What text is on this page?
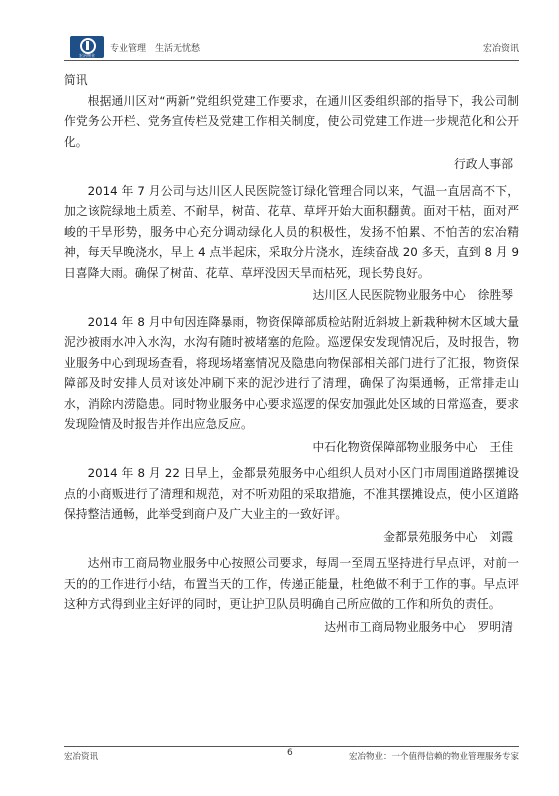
宏冶物业
专业管理　生活无忧愁	宏冶资讯

简讯

根据通川区对“两新”党组织党建工作要求，在通川区委组织部的指导下，我公司制作党务公开栏、党务宣传栏及党建工作相关制度，使公司党建工作进一步规范化和公开化。

行政人事部

2014 年 7 月公司与达川区人民医院签订绿化管理合同以来，气温一直居高不下，加之该院绿地土质差、不耐旱，树苗、花草、草坪开始大面积翻黄。面对干枯，面对严峻的干旱形势，服务中心充分调动绿化人员的积极性，发扬不怕累、不怕苦的宏冶精神，每天早晚浇水，早上 4 点半起床，采取分片浇水，连续奋战 20 多天，直到 8 月 9 日喜降大雨。确保了树苗、花草、草坪没因天旱而枯死，现长势良好。

达川区人民医院物业服务中心　徐胜琴

2014 年 8 月中旬因连降暴雨，物资保障部质检站附近斜坡上新栽种树木区域大量泥沙被雨水冲入水沟，水沟有随时被堵塞的危险。巡逻保安发现情况后，及时报告，物业服务中心到现场查看，将现场堵塞情况及隐患向物保部相关部门进行了汇报，物资保障部及时安排人员对该处冲刷下来的泥沙进行了清理，确保了沟渠通畅，正常排走山水，消除内涝隐患。同时物业服务中心要求巡逻的保安加强此处区域的日常巡查，要求发现险情及时报告并作出应急反应。

中石化物资保障部物业服务中心　王佳

2014 年 8 月 22 日早上，金都景苑服务中心组织人员对小区门市周围道路摆摊设点的小商贩进行了清理和规范，对不听劝阻的采取措施，不准其摆摊设点，使小区道路保持整洁通畅，此举受到商户及广大业主的一致好评。

金都景苑服务中心　刘霞

达州市工商局物业服务中心按照公司要求，每周一至周五坚持进行早点评，对前一天的的工作进行小结，布置当天的工作，传递正能量，杜绝做不利于工作的事。早点评这种方式得到业主好评的同时，更让护卫队员明确自己所应做的工作和所负的责任。

达州市工商局物业服务中心　罗明清

宏冶资讯	6	宏冶物业：一个值得信赖的物业管理服务专家
